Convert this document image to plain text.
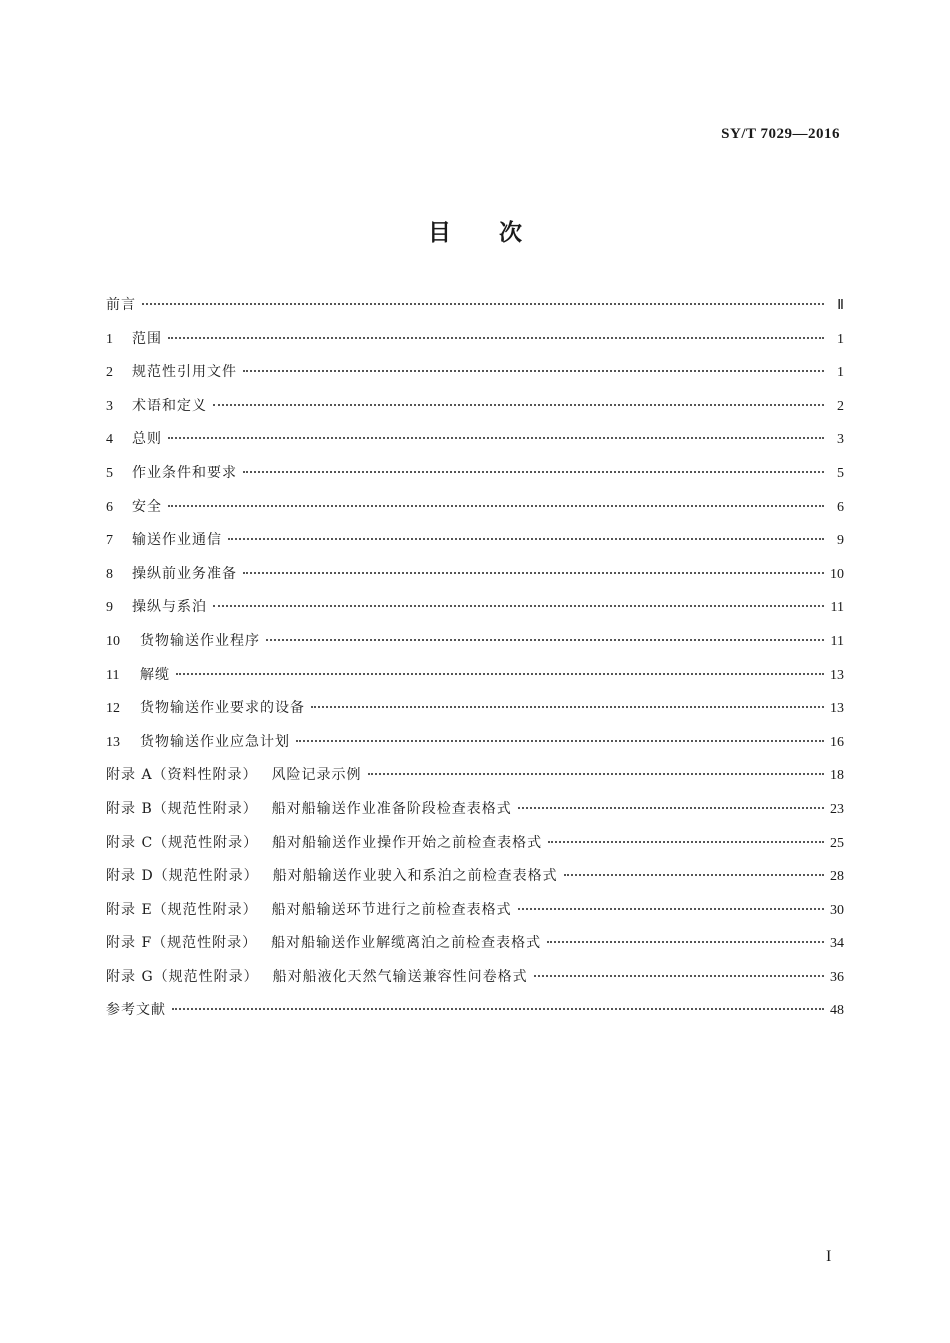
SY/T 7029—2016
目 次
前言	Ⅱ
1	范围	1
2	规范性引用文件	1
3	术语和定义	2
4	总则	3
5	作业条件和要求	5
6	安全	6
7	输送作业通信	9
8	操纵前业务准备	10
9	操纵与系泊	11
10	货物输送作业程序	11
11	解缆	13
12	货物输送作业要求的设备	13
13	货物输送作业应急计划	16
附录 A（资料性附录） 风险记录示例	18
附录 B（规范性附录） 船对船输送作业准备阶段检查表格式	23
附录 C（规范性附录） 船对船输送作业操作开始之前检查表格式	25
附录 D（规范性附录） 船对船输送作业驶入和系泊之前检查表格式	28
附录 E（规范性附录） 船对船输送环节进行之前检查表格式	30
附录 F（规范性附录） 船对船输送作业解缆离泊之前检查表格式	34
附录 G（规范性附录） 船对船液化天然气输送兼容性问卷格式	36
参考文献	48
I
